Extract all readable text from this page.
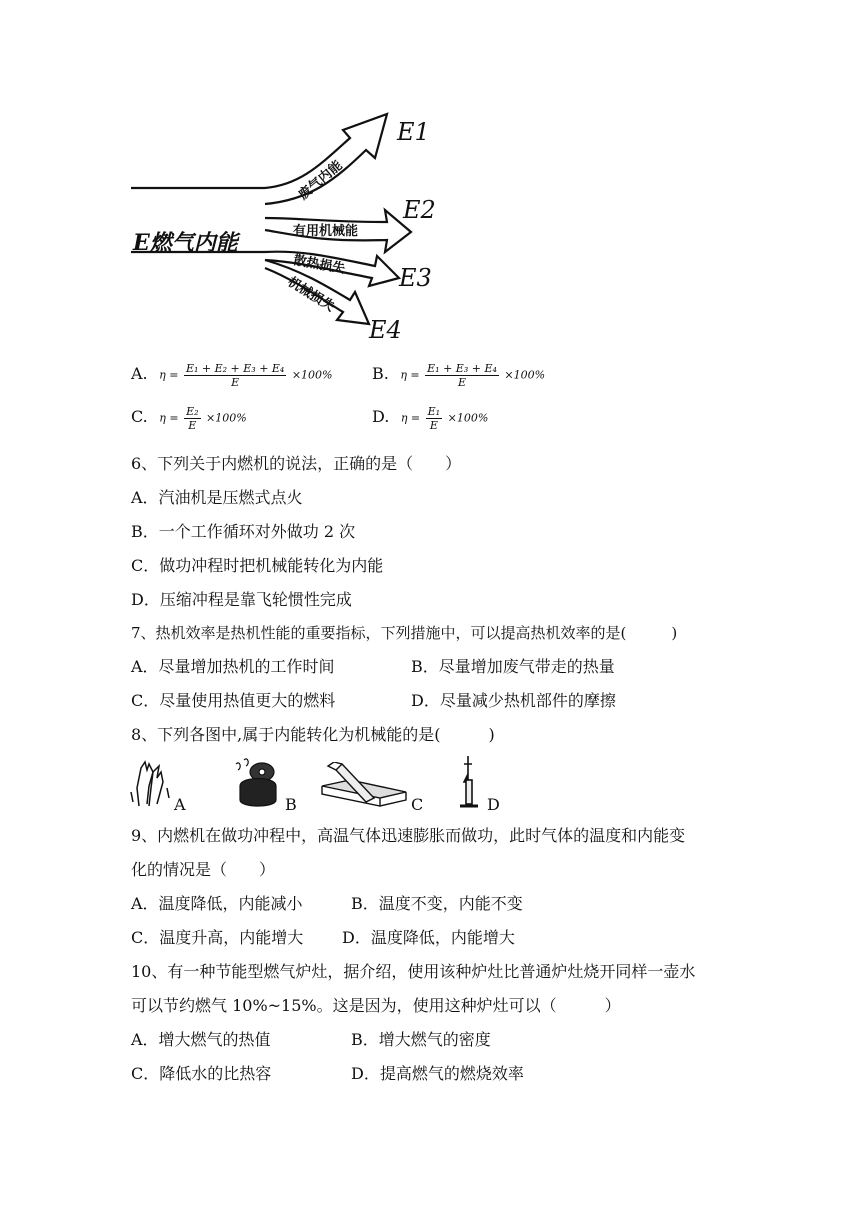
E燃气内能
废气内能
有用机械能
散热损失
机械损失
E1
E2
E3
E4
A. $\eta = \frac{\text{E₁ + E₂ + E₃ + E₄}}{E} \times 100\%$ B. $\eta = \frac{\text{E₁ + E₃ + E₄}}{E} \times 100\%$
C. $\eta = \frac{\text{E₂}}{E} \times 100\%$	D. $\eta = \frac{\text{E₁}}{E} \times 100\%$
6、下列关于内燃机的说法，正确的是（　　）
A．汽油机是压燃式点火
B．一个工作循环对外做功 2 次
C．做功冲程时把机械能转化为内能
D．压缩冲程是靠飞轮惯性完成
7、热机效率是热机性能的重要指标，下列措施中，可以提高热机效率的是(　　　)
A．尽量增加热机的工作时间	B．尽量增加废气带走的热量
C．尽量使用热值更大的燃料	D．尽量减少热机部件的摩擦
8、下列各图中,属于内能转化为机械能的是(　　　)
A	B	C	D
9、内燃机在做功冲程中，高温气体迅速膨胀而做功，此时气体的温度和内能变
化的情况是（　　）
A．温度降低，内能减小	B．温度不变，内能不变
C．温度升高，内能增大 D．温度降低，内能增大
10、有一种节能型燃气炉灶，据介绍，使用该种炉灶比普通炉灶烧开同样一壶水
可以节约燃气 10%~15%。这是因为，使用这种炉灶可以（　　　）
A．增大燃气的热值	B．增大燃气的密度
C．降低水的比热容	D．提高燃气的燃烧效率
